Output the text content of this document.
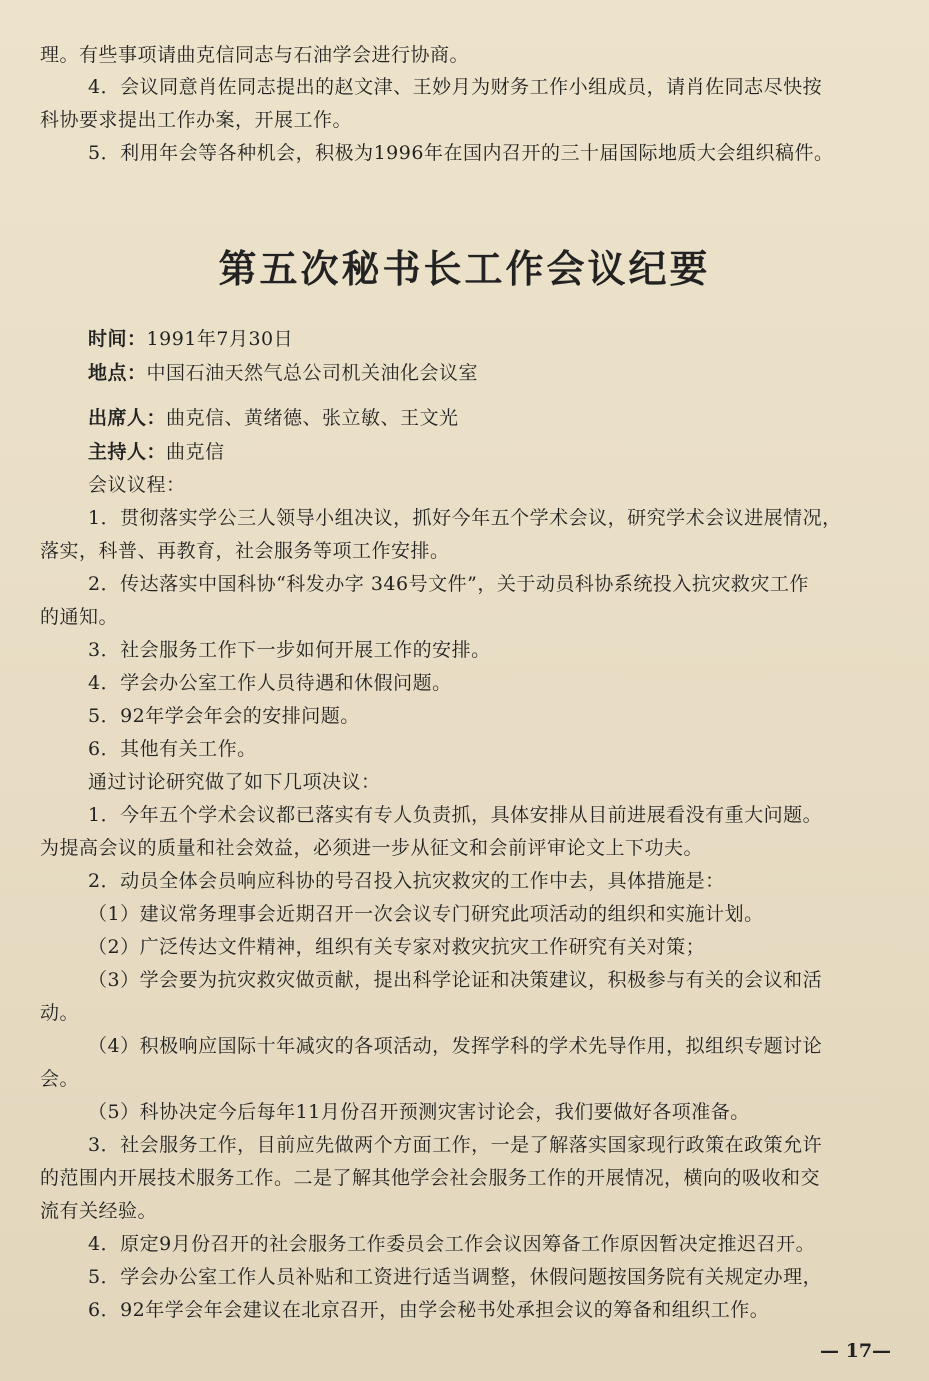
理。有些事项请曲克信同志与石油学会进行协商。
4．会议同意肖佐同志提出的赵文津、王妙月为财务工作小组成员，请肖佐同志尽快按
科协要求提出工作办案，开展工作。
5．利用年会等各种机会，积极为1996年在国内召开的三十届国际地质大会组织稿件。
第五次秘书长工作会议纪要
时间：1991年7月30日
地点：中国石油天然气总公司机关油化会议室
出席人：曲克信、黄绪德、张立敏、王文光
主持人：曲克信
会议议程：
1．贯彻落实学公三人领导小组决议，抓好今年五个学术会议，研究学术会议进展情况，
落实，科普、再教育，社会服务等项工作安排。
2．传达落实中国科协“科发办字 346号文件”，关于动员科协系统投入抗灾救灾工作
的通知。
3．社会服务工作下一步如何开展工作的安排。
4．学会办公室工作人员待遇和休假问题。
5．92年学会年会的安排问题。
6．其他有关工作。
通过讨论研究做了如下几项决议：
1．今年五个学术会议都已落实有专人负责抓，具体安排从目前进展看没有重大问题。
为提高会议的质量和社会效益，必须进一步从征文和会前评审论文上下功夫。
2．动员全体会员响应科协的号召投入抗灾救灾的工作中去，具体措施是：
（1）建议常务理事会近期召开一次会议专门研究此项活动的组织和实施计划。
（2）广泛传达文件精神，组织有关专家对救灾抗灾工作研究有关对策；
（3）学会要为抗灾救灾做贡献，提出科学论证和决策建议，积极参与有关的会议和活
动。
（4）积极响应国际十年减灾的各项活动，发挥学科的学术先导作用，拟组织专题讨论
会。
（5）科协决定今后每年11月份召开预测灾害讨论会，我们要做好各项准备。
3．社会服务工作，目前应先做两个方面工作，一是了解落实国家现行政策在政策允许
的范围内开展技术服务工作。二是了解其他学会社会服务工作的开展情况，横向的吸收和交
流有关经验。
4．原定9月份召开的社会服务工作委员会工作会议因筹备工作原因暂决定推迟召开。
5．学会办公室工作人员补贴和工资进行适当调整，休假问题按国务院有关规定办理，
6．92年学会年会建议在北京召开，由学会秘书处承担会议的筹备和组织工作。
— 17—
